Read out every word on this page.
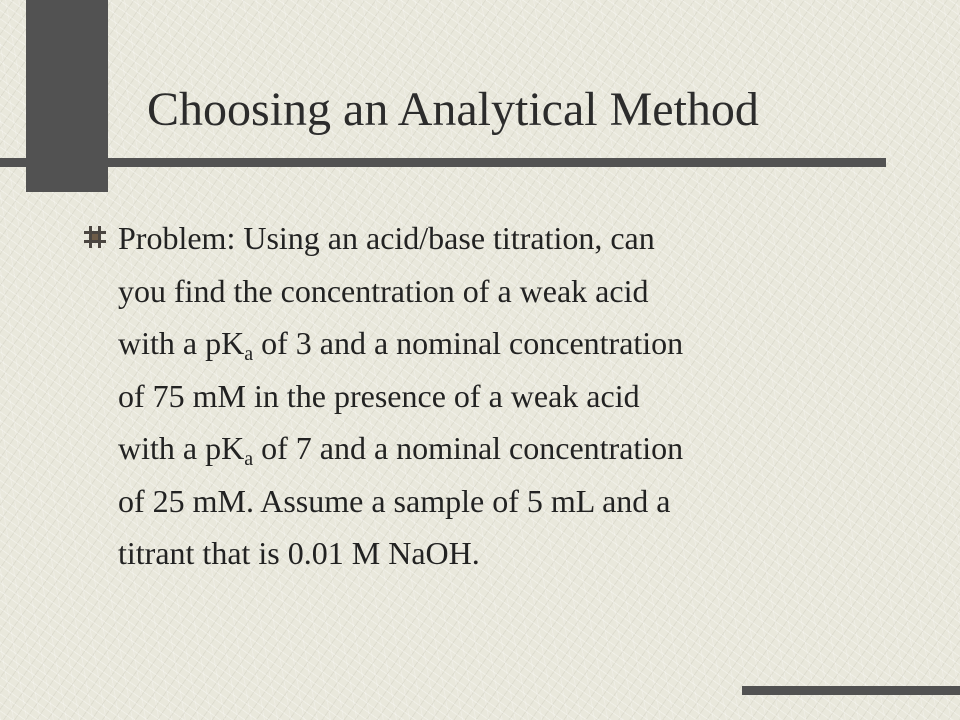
Choosing an Analytical Method

Problem: Using an acid/base titration, can
you find the concentration of a weak acid
with a $pK_a$ of 3 and a nominal concentration
of 75 mM in the presence of a weak acid
with a $pK_a$ of 7 and a nominal concentration
of 25 mM. Assume a sample of 5 mL and a
titrant that is 0.01 M NaOH.
